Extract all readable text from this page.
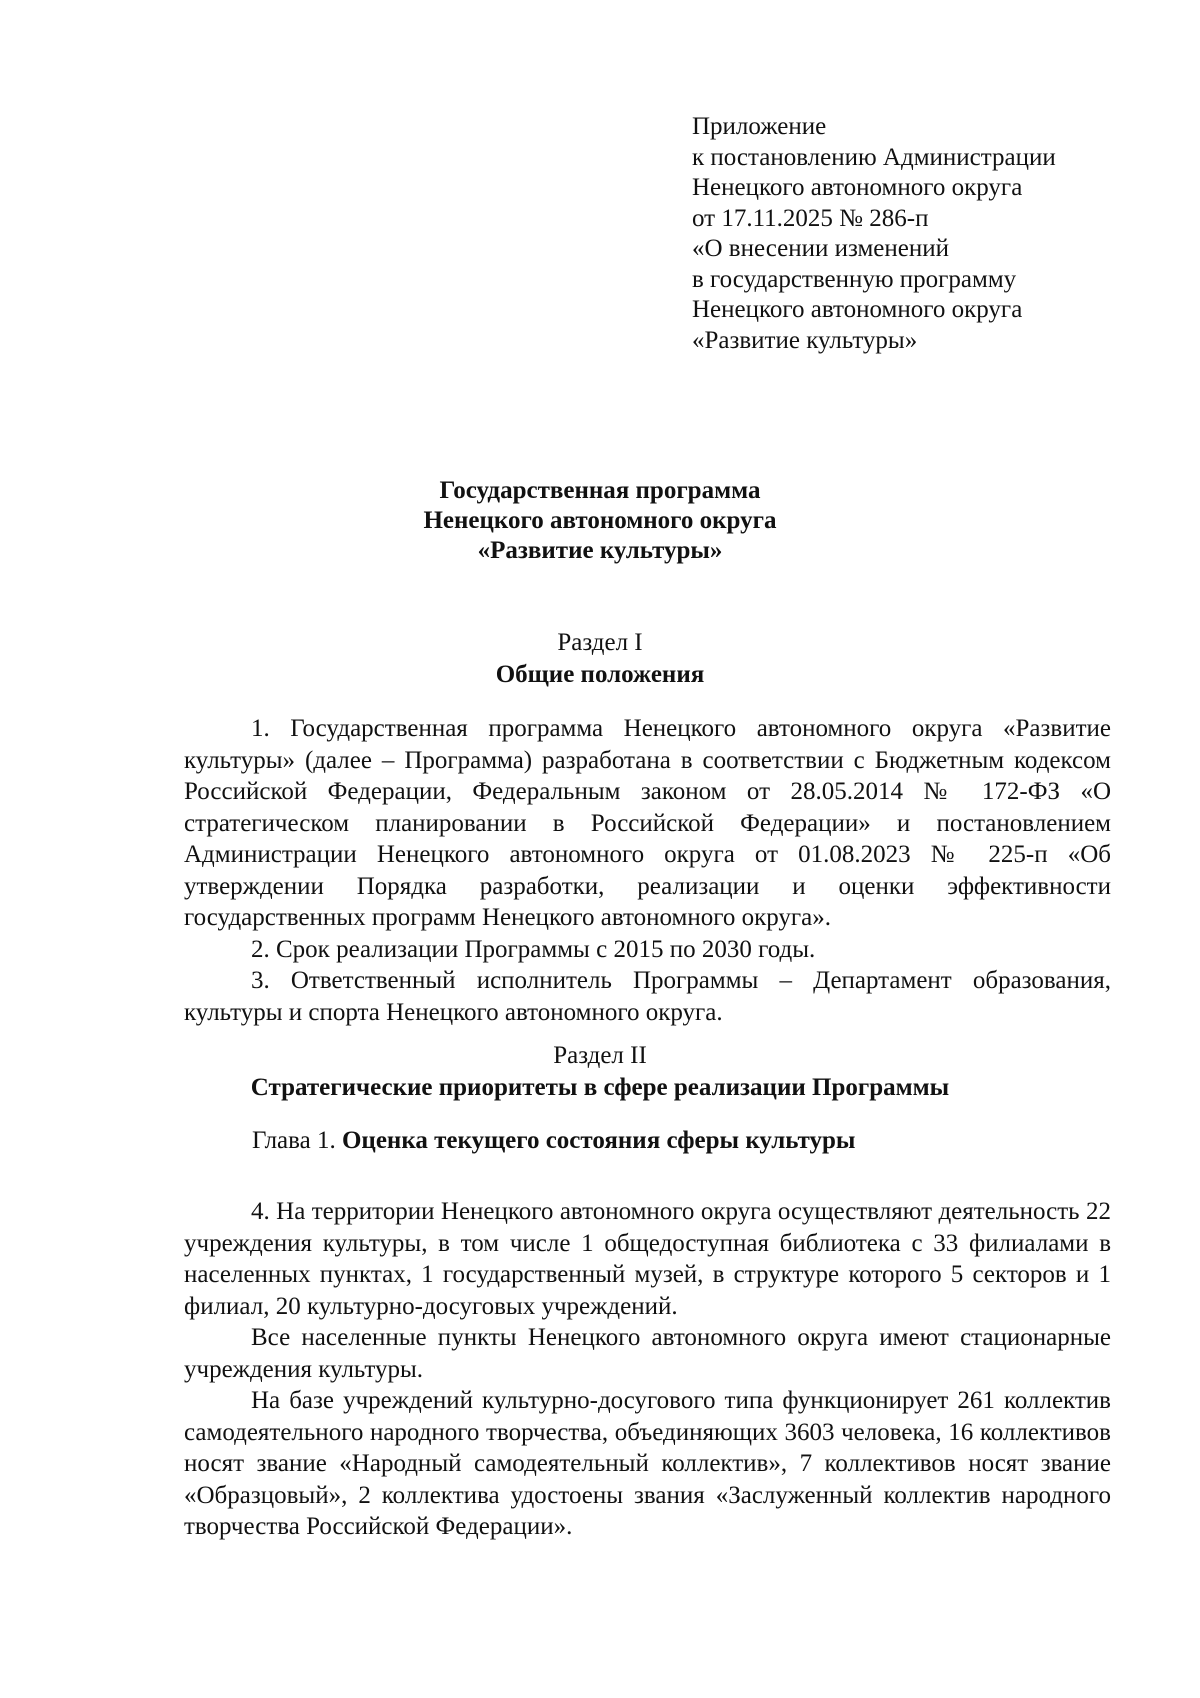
Приложение
к постановлению Администрации
Ненецкого автономного округа
от 17.11.2025 № 286-п
«О внесении изменений
в государственную программу
Ненецкого автономного округа
«Развитие культуры»
Государственная программа
Ненецкого автономного округа
«Развитие культуры»
Раздел I
Общие положения

1. Государственная программа Ненецкого автономного округа «Развитие культуры» (далее – Программа) разработана в соответствии с Бюджетным кодексом Российской Федерации, Федеральным законом от 28.05.2014 № 172-ФЗ «О стратегическом планировании в Российской Федерации» и постановлением Администрации Ненецкого автономного округа от 01.08.2023 № 225-п «Об утверждении Порядка разработки, реализации и оценки эффективности государственных программ Ненецкого автономного округа».

2. Срок реализации Программы с 2015 по 2030 годы.

3. Ответственный исполнитель Программы – Департамент образования, культуры и спорта Ненецкого автономного округа.

Раздел II
Стратегические приоритеты в сфере реализации Программы
Глава 1. Оценка текущего состояния сферы культуры

4. На территории Ненецкого автономного округа осуществляют деятельность 22 учреждения культуры, в том числе 1 общедоступная библиотека с 33 филиалами в населенных пунктах, 1 государственный музей, в структуре которого 5 секторов и 1 филиал, 20 культурно-досуговых учреждений.

Все населенные пункты Ненецкого автономного округа имеют стационарные учреждения культуры.

На базе учреждений культурно-досугового типа функционирует 261 коллектив самодеятельного народного творчества, объединяющих 3603 человека, 16 коллективов носят звание «Народный самодеятельный коллектив», 7 коллективов носят звание «Образцовый», 2 коллектива удостоены звания «Заслуженный коллектив народного творчества Российской Федерации».
